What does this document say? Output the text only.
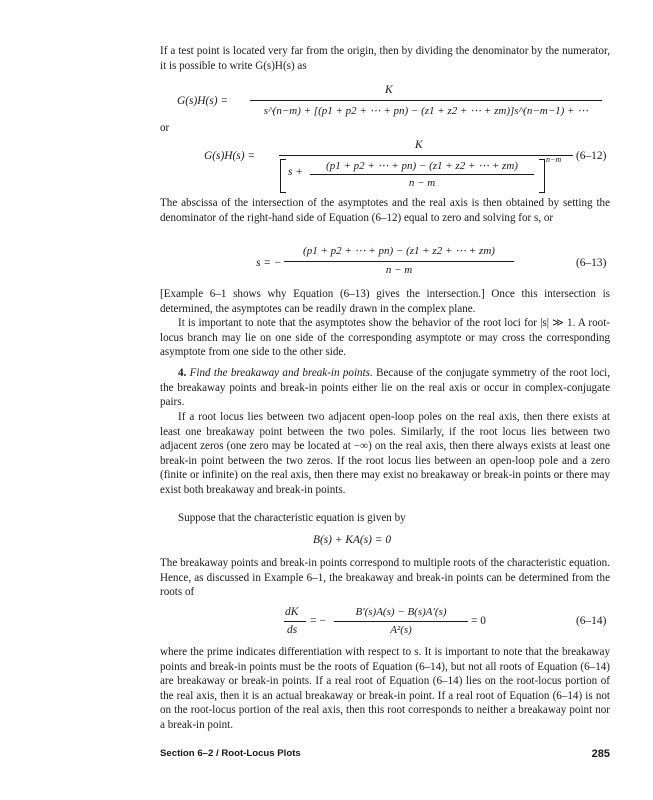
If a test point is located very far from the origin, then by dividing the denominator by the numerator, it is possible to write G(s)H(s) as

G(s)H(s) =
K
s^(n−m) + [(p1 + p2 + ⋯ + pn) − (z1 + z2 + ⋯ + zm)]s^(n−m−1) + ⋯
or
G(s)H(s) =
K
s +	(p1 + p2 + ⋯ + pn) − (z1 + z2 + ⋯ + zm)
n − m
n−m (6–12)

The abscissa of the intersection of the asymptotes and the real axis is then obtained by setting the denominator of the right-hand side of Equation (6–12) equal to zero and solving for s, or

s = −
(p1 + p2 + ⋯ + pn) − (z1 + z2 + ⋯ + zm)
n − m
(6–13)

[Example 6–1 shows why Equation (6–13) gives the intersection.] Once this intersection is determined, the asymptotes can be readily drawn in the complex plane.

It is important to note that the asymptotes show the behavior of the root loci for |s| ≫ 1. A root-locus branch may lie on one side of the corresponding asymptote or may cross the corresponding asymptote from one side to the other side.

4. Find the breakaway and break-in points. Because of the conjugate symmetry of the root loci, the breakaway points and break-in points either lie on the real axis or occur in complex-conjugate pairs.

If a root locus lies between two adjacent open-loop poles on the real axis, then there exists at least one breakaway point between the two poles. Similarly, if the root locus lies between two adjacent zeros (one zero may be located at −∞) on the real axis, then there always exists at least one break-in point between the two zeros. If the root locus lies between an open-loop pole and a zero (finite or infinite) on the real axis, then there may exist no breakaway or break-in points or there may exist both breakaway and break-in points.

Suppose that the characteristic equation is given by

B(s) + KA(s) = 0

The breakaway points and break-in points correspond to multiple roots of the characteristic equation. Hence, as discussed in Example 6–1, the breakaway and break-in points can be determined from the roots of

dK
ds
= −
B′(s)A(s) − B(s)A′(s)
A²(s)
= 0	(6–14)

where the prime indicates differentiation with respect to s. It is important to note that the breakaway points and break-in points must be the roots of Equation (6–14), but not all roots of Equation (6–14) are breakaway or break-in points. If a real root of Equation (6–14) lies on the root-locus portion of the real axis, then it is an actual breakaway or break-in point. If a real root of Equation (6–14) is not on the root-locus portion of the real axis, then this root corresponds to neither a breakaway point nor a break-in point.

Section 6–2 / Root-Locus Plots	285
